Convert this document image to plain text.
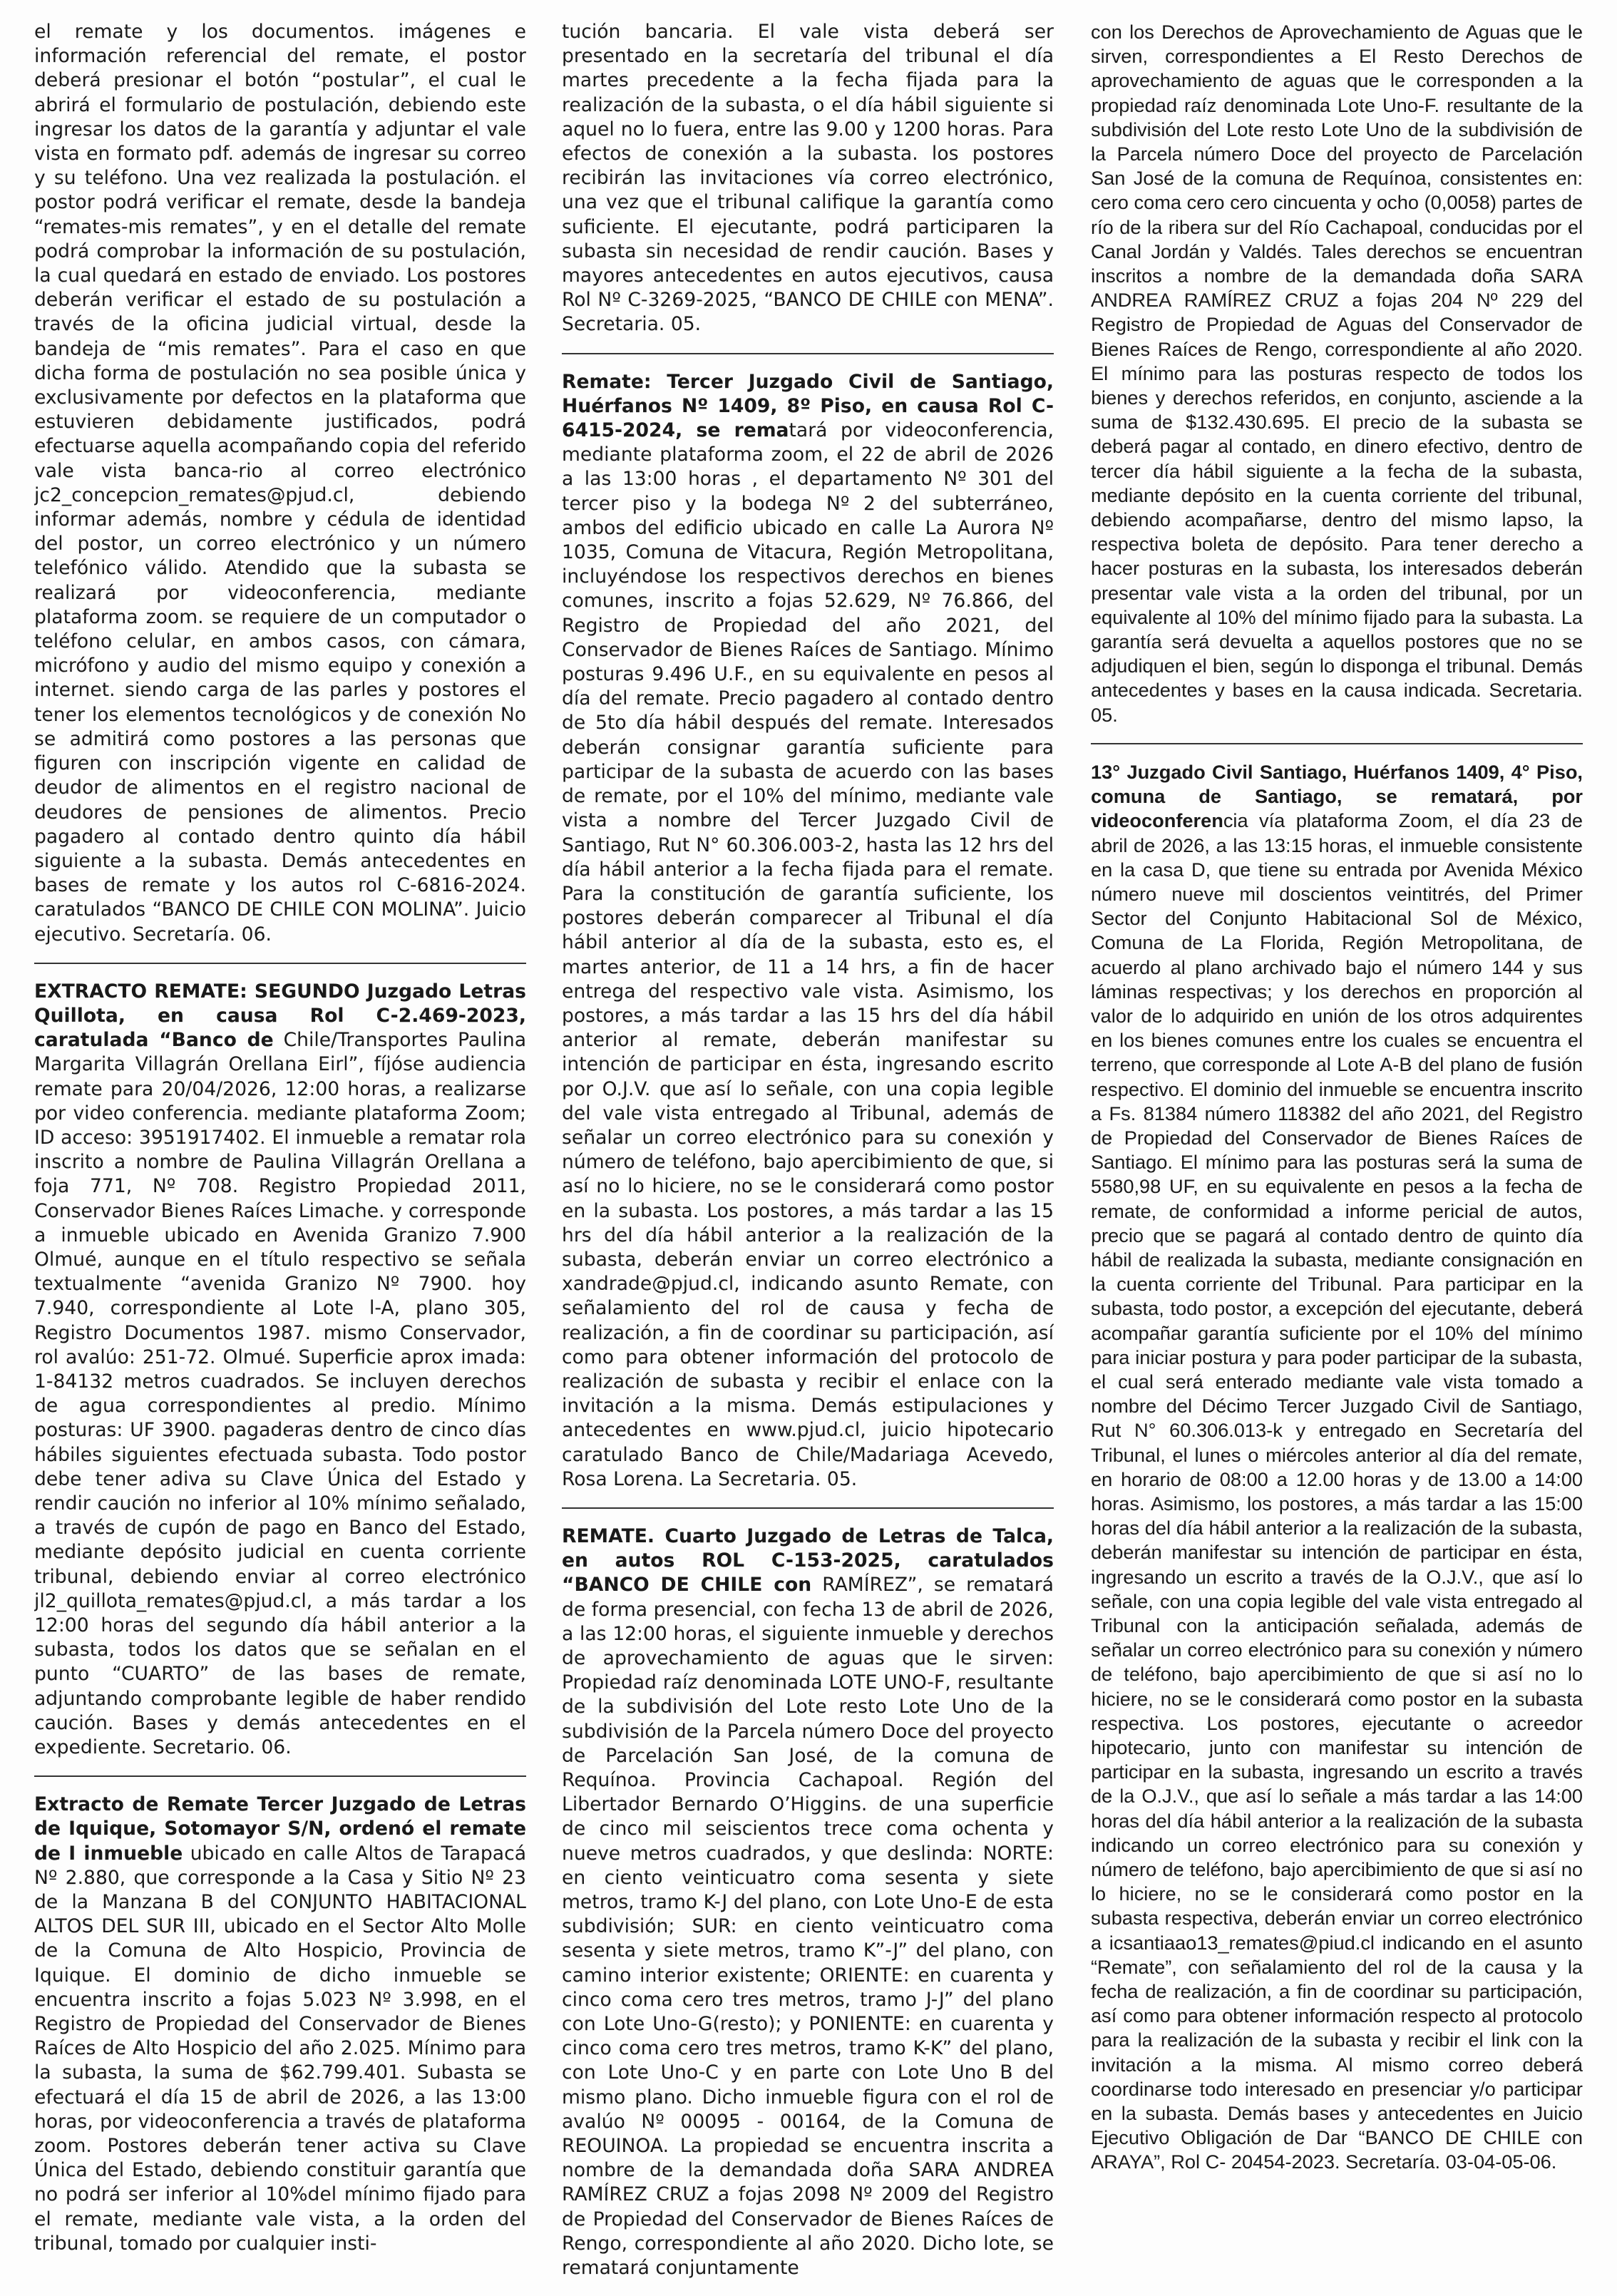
el remate y los documentos. imágenes e información referencial del remate, el postor deberá presionar el botón “postular”, el cual le abrirá el formulario de postulación, debiendo este ingresar los datos de la garantía y adjuntar el vale vista en formato pdf. además de ingresar su correo y su teléfono. Una vez realizada la postulación. el postor podrá verificar el remate, desde la bandeja “remates-mis remates”, y en el detalle del remate podrá comprobar la información de su postulación, la cual quedará en estado de enviado. Los postores deberán verificar el estado de su postulación a través de la oficina judicial virtual, desde la bandeja de “mis remates”. Para el caso en que dicha forma de postulación no sea posible única y exclusivamente por defectos en la plataforma que estuvieren debidamente justificados, podrá efectuarse aquella acompañando copia del referido vale vista banca-rio al correo electrónico jc2_concepcion_remates@pjud.cl, debiendo informar además, nombre y cédula de identidad del postor, un correo electrónico y un número telefónico válido. Atendido que la subasta se realizará por videoconferencia, mediante plataforma zoom. se requiere de un computador o teléfono celular, en ambos casos, con cámara, micrófono y audio del mismo equipo y conexión a internet. siendo carga de las parles y postores el tener los elementos tecnológicos y de conexión No se admitirá como postores a las personas que figuren con inscripción vigente en calidad de deudor de alimentos en el registro nacional de deudores de pensiones de alimentos. Precio pagadero al contado dentro quinto día hábil siguiente a la subasta. Demás antecedentes en bases de remate y los autos rol C-6816-2024. caratulados “BANCO DE CHILE CON MOLINA”. Juicio ejecutivo. Secretaría. 06.

EXTRACTO REMATE: SEGUNDO Juzgado Letras Quillota, en causa Rol C-2.469-2023, caratulada “Banco de Chile/Transportes Paulina Margarita Villagrán Orellana Eirl”, fíjóse audiencia remate para 20/04/2026, 12:00 horas, a realizarse por video conferencia. mediante plataforma Zoom; ID acceso: 3951917402. El inmueble a rematar rola inscrito a nombre de Paulina Villagrán Orellana a foja 771, Nº 708. Registro Propiedad 2011, Conservador Bienes Raíces Limache. y corresponde a inmueble ubicado en Avenida Granizo 7.900 Olmué, aunque en el título respectivo se señala textualmente “avenida Granizo Nº 7900. hoy 7.940, correspondiente al Lote l-A, plano 305, Registro Documentos 1987. mismo Conservador, rol avalúo: 251-72. Olmué. Superficie aprox imada: 1-84132 metros cuadrados. Se incluyen derechos de agua correspondientes al predio. Mínimo posturas: UF 3900. pagaderas dentro de cinco días hábiles siguientes efectuada subasta. Todo postor debe tener adiva su Clave Única del Estado y rendir caución no inferior al 10% mínimo señalado, a través de cupón de pago en Banco del Estado, mediante depósito judicial en cuenta corriente tribunal, debiendo enviar al correo electrónico jl2_quillota_remates@pjud.cl, a más tardar a los 12:00 horas del segundo día hábil anterior a la subasta, todos los datos que se señalan en el punto “CUARTO” de las bases de remate, adjuntando comprobante legible de haber rendido caución. Bases y demás antecedentes en el expediente. Secretario. 06.

Extracto de Remate Tercer Juzgado de Letras de Iquique, Sotomayor S/N, ordenó el remate de I inmueble ubicado en calle Altos de Tarapacá Nº 2.880, que corresponde a la Casa y Sitio Nº 23 de la Manzana B del CONJUNTO HABITACIONAL ALTOS DEL SUR III, ubicado en el Sector Alto Molle de la Comuna de Alto Hospicio, Provincia de Iquique. El dominio de dicho inmueble se encuentra inscrito a fojas 5.023 Nº 3.998, en el Registro de Propiedad del Conservador de Bienes Raíces de Alto Hospicio del año 2.025. Mínimo para la subasta, la suma de $62.799.401. Subasta se efectuará el día 15 de abril de 2026, a las 13:00 horas, por videoconferencia a través de plataforma zoom. Postores deberán tener activa su Clave Única del Estado, debiendo constituir garantía que no podrá ser inferior al 10%del mínimo fijado para el remate, mediante vale vista, a la orden del tribunal, tomado por cualquier insti-

tución bancaria. El vale vista deberá ser presentado en la secretaría del tribunal el día martes precedente a la fecha fijada para la realización de la subasta, o el día hábil siguiente si aquel no lo fuera, entre las 9.00 y 1200 horas. Para efectos de conexión a la subasta. los postores recibirán las invitaciones vía correo electrónico, una vez que el tribunal califique la garantía como suficiente. El ejecutante, podrá participaren la subasta sin necesidad de rendir caución. Bases y mayores antecedentes en autos ejecutivos, causa Rol Nº C-3269-2025, “BANCO DE CHILE con MENA”. Secretaria. 05.

Remate: Tercer Juzgado Civil de Santiago, Huérfanos Nº 1409, 8º Piso, en causa Rol C-6415-2024, se rematará por videoconferencia, mediante plataforma zoom, el 22 de abril de 2026 a las 13:00 horas , el departamento Nº 301 del tercer piso y la bodega Nº 2 del subterráneo, ambos del edificio ubicado en calle La Aurora Nº 1035, Comuna de Vitacura, Región Metropolitana, incluyéndose los respectivos derechos en bienes comunes, inscrito a fojas 52.629, Nº 76.866, del Registro de Propiedad del año 2021, del Conservador de Bienes Raíces de Santiago. Mínimo posturas 9.496 U.F., en su equivalente en pesos al día del remate. Precio pagadero al contado dentro de 5to día hábil después del remate. Interesados deberán consignar garantía suficiente para participar de la subasta de acuerdo con las bases de remate, por el 10% del mínimo, mediante vale vista a nombre del Tercer Juzgado Civil de Santiago, Rut N° 60.306.003-2, hasta las 12 hrs del día hábil anterior a la fecha fijada para el remate. Para la constitución de garantía suficiente, los postores deberán comparecer al Tribunal el día hábil anterior al día de la subasta, esto es, el martes anterior, de 11 a 14 hrs, a fin de hacer entrega del respectivo vale vista. Asimismo, los postores, a más tardar a las 15 hrs del día hábil anterior al remate, deberán manifestar su intención de participar en ésta, ingresando escrito por O.J.V. que así lo señale, con una copia legible del vale vista entregado al Tribunal, además de señalar un correo electrónico para su conexión y número de teléfono, bajo apercibimiento de que, si así no lo hiciere, no se le considerará como postor en la subasta. Los postores, a más tardar a las 15 hrs del día hábil anterior a la realización de la subasta, deberán enviar un correo electrónico a xandrade@pjud.cl, indicando asunto Remate, con señalamiento del rol de causa y fecha de realización, a fin de coordinar su participación, así como para obtener información del protocolo de realización de subasta y recibir el enlace con la invitación a la misma. Demás estipulaciones y antecedentes en www.pjud.cl, juicio hipotecario caratulado Banco de Chile/Madariaga Acevedo, Rosa Lorena. La Secretaria. 05.

REMATE. Cuarto Juzgado de Letras de Talca, en autos ROL C-153-2025, caratulados “BANCO DE CHILE con RAMÍREZ”, se rematará de forma presencial, con fecha 13 de abril de 2026, a las 12:00 horas, el siguiente inmueble y derechos de aprovechamiento de aguas que le sirven: Propiedad raíz denominada LOTE UNO-F, resultante de la subdivisión del Lote resto Lote Uno de la subdivisión de la Parcela número Doce del proyecto de Parcelación San José, de la comuna de Requínoa. Provincia Cachapoal. Región del Libertador Bernardo O’Higgins. de una superficie de cinco mil seiscientos trece coma ochenta y nueve metros cuadrados, y que deslinda: NORTE: en ciento veinticuatro coma sesenta y siete metros, tramo K-J del plano, con Lote Uno-E de esta subdivisión; SUR: en ciento veinticuatro coma sesenta y siete metros, tramo K”-J” del plano, con camino interior existente; ORIENTE: en cuarenta y cinco coma cero tres metros, tramo J-J” del plano con Lote Uno-G(resto); y PONIENTE: en cuarenta y cinco coma cero tres metros, tramo K-K” del plano, con Lote Uno-C y en parte con Lote Uno B del mismo plano. Dicho inmueble figura con el rol de avalúo Nº 00095 - 00164, de la Comuna de REOUINOA. La propiedad se encuentra inscrita a nombre de la demandada doña SARA ANDREA RAMÍREZ CRUZ a fojas 2098 Nº 2009 del Registro de Propiedad del Conservador de Bienes Raíces de Rengo, correspondiente al año 2020. Dicho lote, se rematará conjuntamente

con los Derechos de Aprovechamiento de Aguas que le sirven, correspondientes a El Resto Derechos de aprovechamiento de aguas que le corresponden a la propiedad raíz denominada Lote Uno-F. resultante de la subdivisión del Lote resto Lote Uno de la subdivisión de la Parcela número Doce del proyecto de Parcelación San José de la comuna de Requínoa, consistentes en: cero coma cero cero cincuenta y ocho (0,0058) partes de río de la ribera sur del Río Cachapoal, conducidas por el Canal Jordán y Valdés. Tales derechos se encuentran inscritos a nombre de la demandada doña SARA ANDREA RAMÍREZ CRUZ a fojas 204 Nº 229 del Registro de Propiedad de Aguas del Conservador de Bienes Raíces de Rengo, correspondiente al año 2020. El mínimo para las posturas respecto de todos los bienes y derechos referidos, en conjunto, asciende a la suma de $132.430.695. El precio de la subasta se deberá pagar al contado, en dinero efectivo, dentro de tercer día hábil siguiente a la fecha de la subasta, mediante depósito en la cuenta corriente del tribunal, debiendo acompañarse, dentro del mismo lapso, la respectiva boleta de depósito. Para tener derecho a hacer posturas en la subasta, los interesados deberán presentar vale vista a la orden del tribunal, por un equivalente al 10% del mínimo fijado para la subasta. La garantía será devuelta a aquellos postores que no se adjudiquen el bien, según lo disponga el tribunal. Demás antecedentes y bases en la causa indicada. Secretaria. 05.

13° Juzgado Civil Santiago, Huérfanos 1409, 4° Piso, comuna de Santiago, se rematará, por videoconferencia vía plataforma Zoom, el día 23 de abril de 2026, a las 13:15 horas, el inmueble consistente en la casa D, que tiene su entrada por Avenida México número nueve mil doscientos veintitrés, del Primer Sector del Conjunto Habitacional Sol de México, Comuna de La Florida, Región Metropolitana, de acuerdo al plano archivado bajo el número 144 y sus láminas respectivas; y los derechos en proporción al valor de lo adquirido en unión de los otros adquirentes en los bienes comunes entre los cuales se encuentra el terreno, que corresponde al Lote A-B del plano de fusión respectivo. El dominio del inmueble se encuentra inscrito a Fs. 81384 número 118382 del año 2021, del Registro de Propiedad del Conservador de Bienes Raíces de Santiago. El mínimo para las posturas será la suma de 5580,98 UF, en su equivalente en pesos a la fecha de remate, de conformidad a informe pericial de autos, precio que se pagará al contado dentro de quinto día hábil de realizada la subasta, mediante consignación en la cuenta corriente del Tribunal. Para participar en la subasta, todo postor, a excepción del ejecutante, deberá acompañar garantía suficiente por el 10% del mínimo para iniciar postura y para poder participar de la subasta, el cual será enterado mediante vale vista tomado a nombre del Décimo Tercer Juzgado Civil de Santiago, Rut N° 60.306.013-k y entregado en Secretaría del Tribunal, el lunes o miércoles anterior al día del remate, en horario de 08:00 a 12.00 horas y de 13.00 a 14:00 horas. Asimismo, los postores, a más tardar a las 15:00 horas del día hábil anterior a la realización de la subasta, deberán manifestar su intención de participar en ésta, ingresando un escrito a través de la O.J.V., que así lo señale, con una copia legible del vale vista entregado al Tribunal con la anticipación señalada, además de señalar un correo electrónico para su conexión y número de teléfono, bajo apercibimiento de que si así no lo hiciere, no se le considerará como postor en la subasta respectiva. Los postores, ejecutante o acreedor hipotecario, junto con manifestar su intención de participar en la subasta, ingresando un escrito a través de la O.J.V., que así lo señale a más tardar a las 14:00 horas del día hábil anterior a la realización de la subasta indicando un correo electrónico para su conexión y número de teléfono, bajo apercibimiento de que si así no lo hiciere, no se le considerará como postor en la subasta respectiva, deberán enviar un correo electrónico a icsantiaao13_remates@piud.cl indicando en el asunto “Remate”, con señalamiento del rol de la causa y la fecha de realización, a fin de coordinar su participación, así como para obtener información respecto al protocolo para la realización de la subasta y recibir el link con la invitación a la misma. Al mismo correo deberá coordinarse todo interesado en presenciar y/o participar en la subasta. Demás bases y antecedentes en Juicio Ejecutivo Obligación de Dar “BANCO DE CHILE con ARAYA”, Rol C- 20454-2023. Secretaría. 03-04-05-06.
